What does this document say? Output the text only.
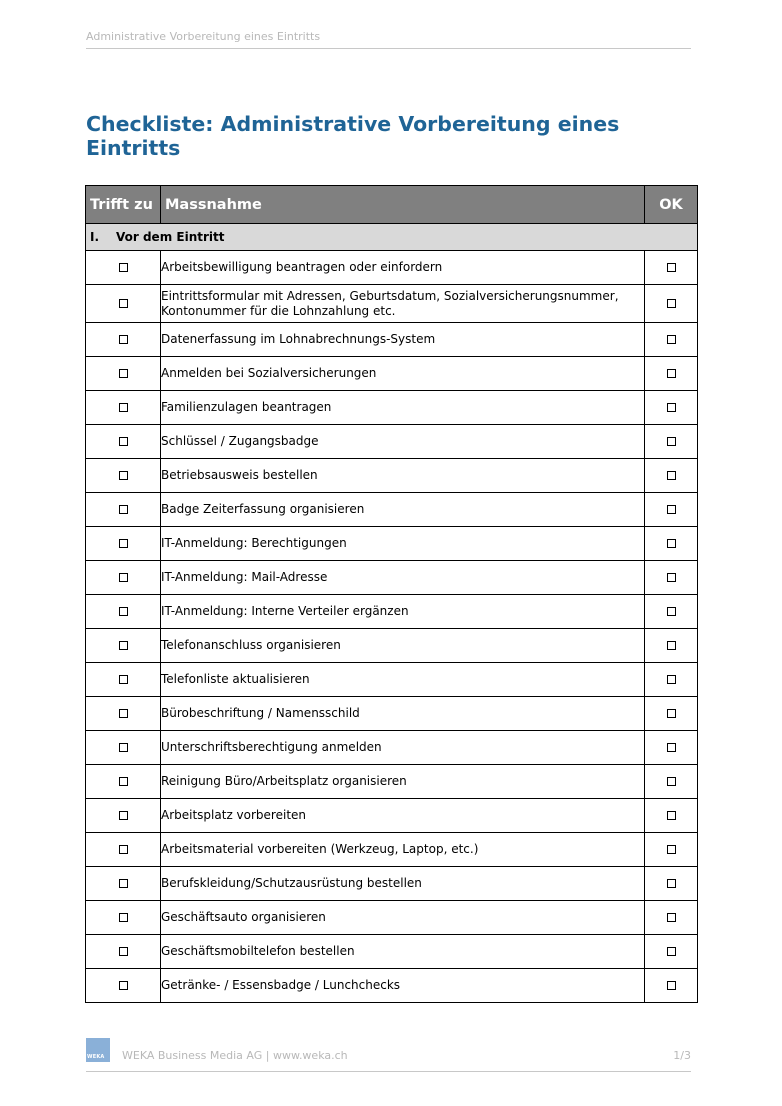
Administrative Vorbereitung eines Eintritts
Checkliste: Administrative Vorbereitung eines Eintritts
Trifft zu	Massnahme	OK
I. Vor dem Eintritt		
	Arbeitsbewilligung beantragen oder einfordern	
	Eintrittsformular mit Adressen, Geburtsdatum, Sozialversicherungsnummer, Kontonummer für die Lohnzahlung etc.	
	Datenerfassung im Lohnabrechnungs-System	
	Anmelden bei Sozialversicherungen	
	Familienzulagen beantragen	
	Schlüssel / Zugangsbadge	
	Betriebsausweis bestellen	
	Badge Zeiterfassung organisieren	
	IT-Anmeldung: Berechtigungen	
	IT-Anmeldung: Mail-Adresse	
	IT-Anmeldung: Interne Verteiler ergänzen	
	Telefonanschluss organisieren	
	Telefonliste aktualisieren	
	Bürobeschriftung / Namensschild	
	Unterschriftsberechtigung anmelden	
	Reinigung Büro/Arbeitsplatz organisieren	
	Arbeitsplatz vorbereiten	
	Arbeitsmaterial vorbereiten (Werkzeug, Laptop, etc.)	
	Berufskleidung/Schutzausrüstung bestellen	
	Geschäftsauto organisieren	
	Geschäftsmobiltelefon bestellen	
	Getränke- / Essensbadge / Lunchchecks	
WEKA WEKA Business Media AG | www.weka.ch	1/3
